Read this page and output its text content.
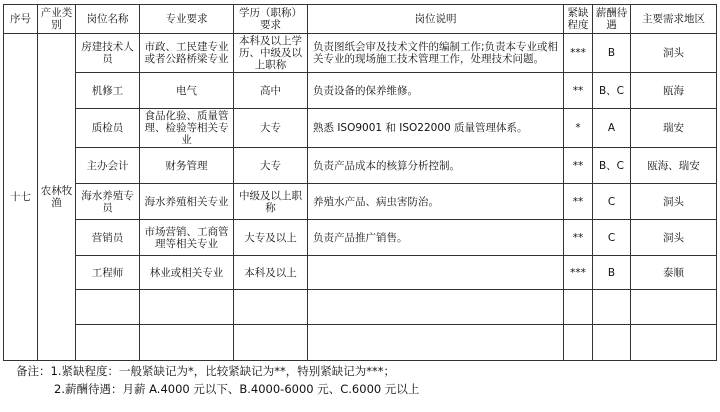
序号	产业类别	岗位名称	专业要求	学历（职称）要求	岗位说明	紧缺程度	薪酬待遇	主要需求地区
十七	农林牧渔	房建技术人员	市政、工民建专业或者公路桥梁专业	本科及以上学历、中级及以上职称	负责图纸会审及技术文件的编制工作;负责本专业或相关专业的现场施工技术管理工作，处理技术问题。	***	B	洞头
		机修工	电气	高中	负责设备的保养维修。	**	B、C	瓯海
		质检员	食品化验、质量管理、检验等相关专业	大专	熟悉 ISO9001 和 ISO22000 质量管理体系。	*	A	瑞安
		主办会计	财务管理	大专	负责产品成本的核算分析控制。	**	B、C	瓯海、瑞安
		海水养殖专员	海水养殖相关专业	中级及以上职称	养殖水产品、病虫害防治。	**	C	洞头
		营销员	市场营销、工商管理等相关专业	大专及以上	负责产品推广销售。	**	C	洞头
		工程师	林业或相关专业	本科及以上		***	B	泰顺

备注：1.紧缺程度：一般紧缺记为*，比较紧缺记为**，特别紧缺记为***；
2.薪酬待遇：月薪 A.4000 元以下、B.4000-6000 元、C.6000 元以上
